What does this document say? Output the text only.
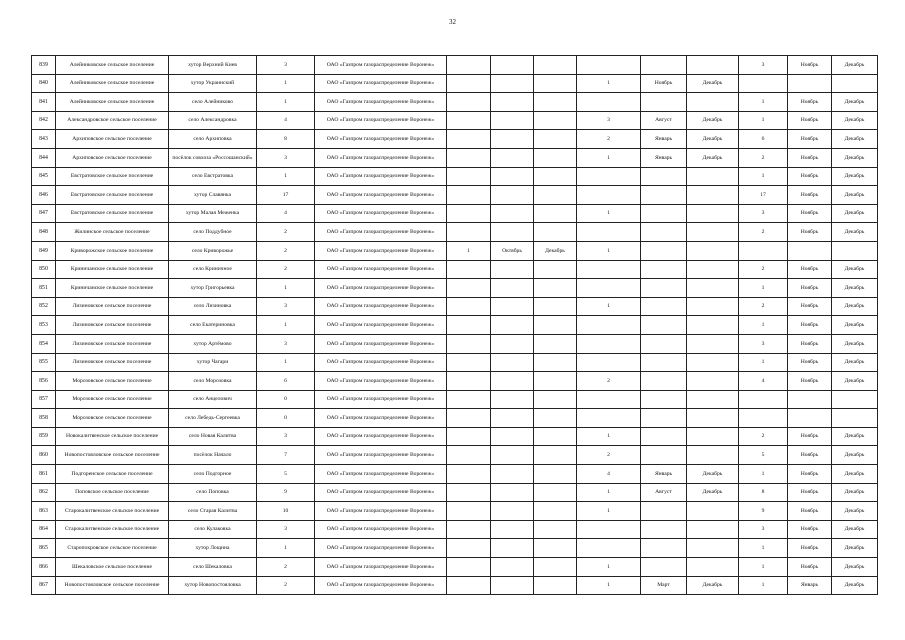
32
839	Алейниковское сельское поселение	хутор Верхний Киев	3	ОАО «Газпром газораспределение Воронеж»							3	Ноябрь	Декабрь
840	Алейниковское сельское поселение	хутор Украинский	1	ОАО «Газпром газораспределение Воронеж»				1	Ноябрь	Декабрь			
841	Алейниковское сельское поселение	село Алейниково	1	ОАО «Газпром газораспределение Воронеж»							1	Ноябрь	Декабрь
842	Александровское сельское поселение	село Александровка	4	ОАО «Газпром газораспределение Воронеж»				3	Август	Декабрь	1	Ноябрь	Декабрь
843	Архиповское сельское поселение	село Архиповка	8	ОАО «Газпром газораспределение Воронеж»				2	Январь	Декабрь	6	Ноябрь	Декабрь
844	Архиповское сельское поселение	посёлок совхоза «Россошанский»	3	ОАО «Газпром газораспределение Воронеж»				1	Январь	Декабрь	2	Ноябрь	Декабрь
845	Евстратовское сельское поселение	село Евстратовка	1	ОАО «Газпром газораспределение Воронеж»							1	Ноябрь	Декабрь
846	Евстратовское сельское поселение	хутор Славянка	17	ОАО «Газпром газораспределение Воронеж»							17	Ноябрь	Декабрь
847	Евстратовское сельское поселение	хутор Малая Меженка	4	ОАО «Газпром газораспределение Воронеж»				1			3	Ноябрь	Декабрь
848	Жилинское сельское поселение	село Поддубное	2	ОАО «Газпром газораспределение Воронеж»							2	Ноябрь	Декабрь
849	Криворожское сельское поселение	село Криворожье	2	ОАО «Газпром газораспределение Воронеж»	1	Октябрь	Декабрь	1					
850	Криничанское сельское поселение	село Криничное	2	ОАО «Газпром газораспределение Воронеж»							2	Ноябрь	Декабрь
851	Криничанское сельское поселение	хутор Григорьевка	1	ОАО «Газпром газораспределение Воронеж»							1	Ноябрь	Декабрь
852	Лизиновское сельское поселение	село Лизиновка	3	ОАО «Газпром газораспределение Воронеж»				1			2	Ноябрь	Декабрь
853	Лизиновское сельское поселение	село Екатериновка	1	ОАО «Газпром газораспределение Воронеж»							1	Ноябрь	Декабрь
854	Лизиновское сельское поселение	хутор Артёмово	3	ОАО «Газпром газораспределение Воронеж»							3	Ноябрь	Декабрь
855	Лизиновское сельское поселение	хутор Чагари	1	ОАО «Газпром газораспределение Воронеж»							1	Ноябрь	Декабрь
856	Морозовское сельское поселение	село Морозовка	6	ОАО «Газпром газораспределение Воронеж»				2			4	Ноябрь	Декабрь
857	Морозовское сельское поселение	село Анцелович	0	ОАО «Газпром газораспределение Воронеж»									
858	Морозовское сельское поселение	село Лебедь-Сергеевка	0	ОАО «Газпром газораспределение Воронеж»									
859	Новокалитвенское сельское поселение	село Новая Калитва	3	ОАО «Газпром газораспределение Воронеж»				1			2	Ноябрь	Декабрь
860	Новопостояловское сельское поселение	посёлок Начало	7	ОАО «Газпром газораспределение Воронеж»				2			5	Ноябрь	Декабрь
861	Подгоренское сельское поселение	село Подгорное	5	ОАО «Газпром газораспределение Воронеж»				4	Январь	Декабрь	1	Ноябрь	Декабрь
862	Поповское сельское поселение	село Поповка	9	ОАО «Газпром газораспределение Воронеж»				1	Август	Декабрь	8	Ноябрь	Декабрь
863	Старокалитвенское сельское поселение	село Старая Калитва	10	ОАО «Газпром газораспределение Воронеж»				1			9	Ноябрь	Декабрь
864	Старокалитвенское сельское поселение	село Кулаковка	3	ОАО «Газпром газораспределение Воронеж»							3	Ноябрь	Декабрь
865	Старопокровское сельское поселение	хутор Лощина	1	ОАО «Газпром газораспределение Воронеж»							1	Ноябрь	Декабрь
866	Шекаловское сельское поселение	село Шекаловка	2	ОАО «Газпром газораспределение Воронеж»				1			1	Ноябрь	Декабрь
867	Новопостояловское сельское поселение	хутор Новопостояловка	2	ОАО «Газпром газораспределение Воронеж»				1	Март	Декабрь	1	Январь	Декабрь
